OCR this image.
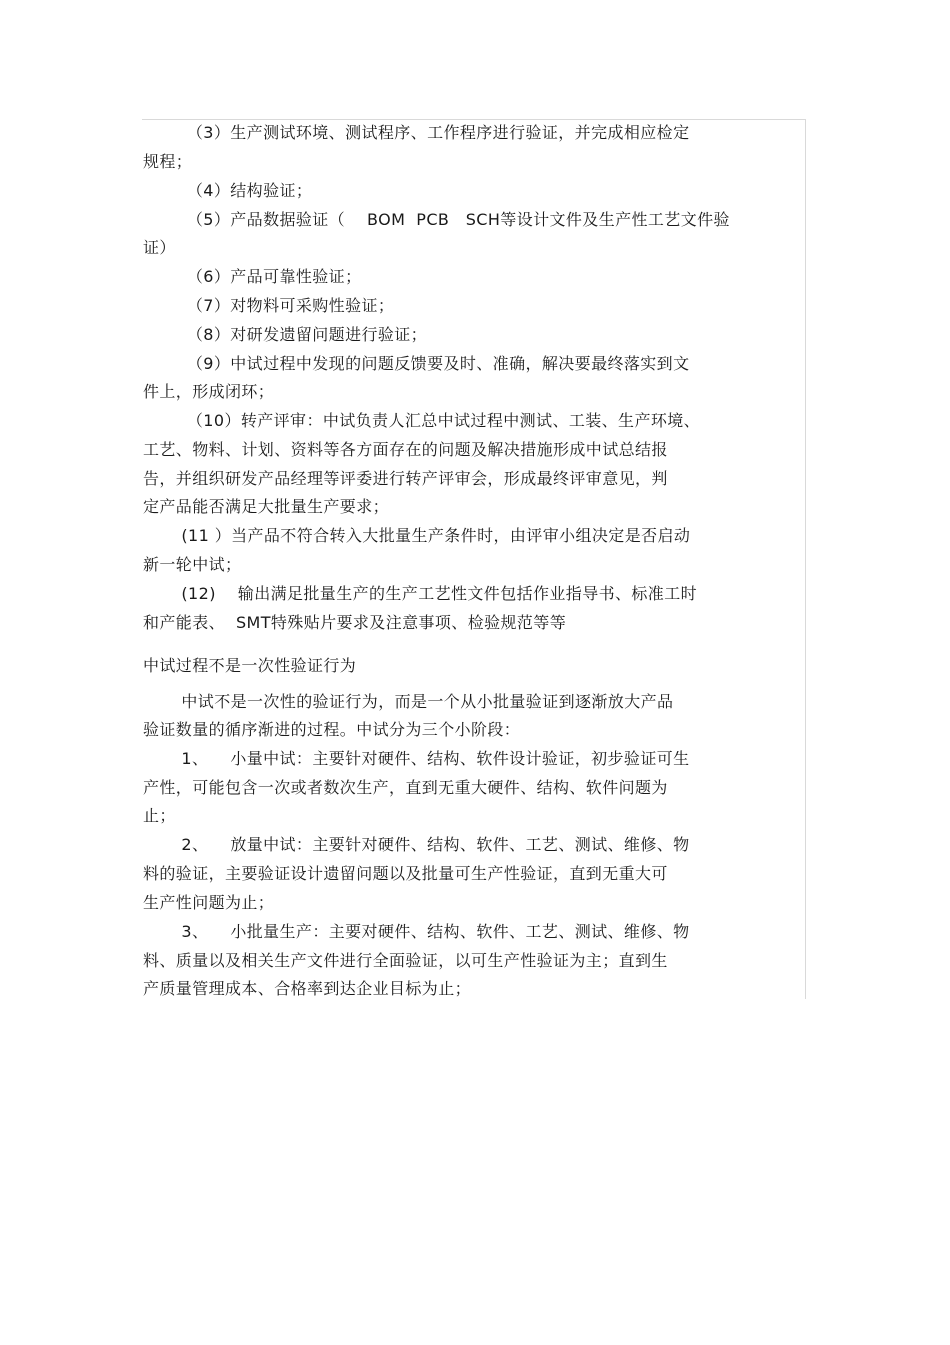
（3）生产测试环境、测试程序、工作程序进行验证，并完成相应检定
规程；
（4）结构验证；
（5）产品数据验证（    BOM  PCB   SCH等设计文件及生产性工艺文件验
证）
（6）产品可靠性验证；
（7）对物料可采购性验证；
（8）对研发遗留问题进行验证；
（9）中试过程中发现的问题反馈要及时、准确，解决要最终落实到文
件上，形成闭环；
（10）转产评审：中试负责人汇总中试过程中测试、工装、生产环境、
工艺、物料、计划、资料等各方面存在的问题及解决措施形成中试总结报
告，并组织研发产品经理等评委进行转产评审会，形成最终评审意见，判
定产品能否满足大批量生产要求；
(11 ）当产品不符合转入大批量生产条件时，由评审小组决定是否启动
新一轮中试；
(12)    输出满足批量生产的生产工艺性文件包括作业指导书、标准工时
和产能表、  SMT特殊贴片要求及注意事项、检验规范等等
中试过程不是一次性验证行为
中试不是一次性的验证行为，而是一个从小批量验证到逐渐放大产品
验证数量的循序渐进的过程。中试分为三个小阶段：
1、    小量中试：主要针对硬件、结构、软件设计验证，初步验证可生
产性，可能包含一次或者数次生产，直到无重大硬件、结构、软件问题为
止；
2、    放量中试：主要针对硬件、结构、软件、工艺、测试、维修、物
料的验证，主要验证设计遗留问题以及批量可生产性验证，直到无重大可
生产性问题为止；
3、    小批量生产：主要对硬件、结构、软件、工艺、测试、维修、物
料、质量以及相关生产文件进行全面验证，以可生产性验证为主；直到生
产质量管理成本、合格率到达企业目标为止；
